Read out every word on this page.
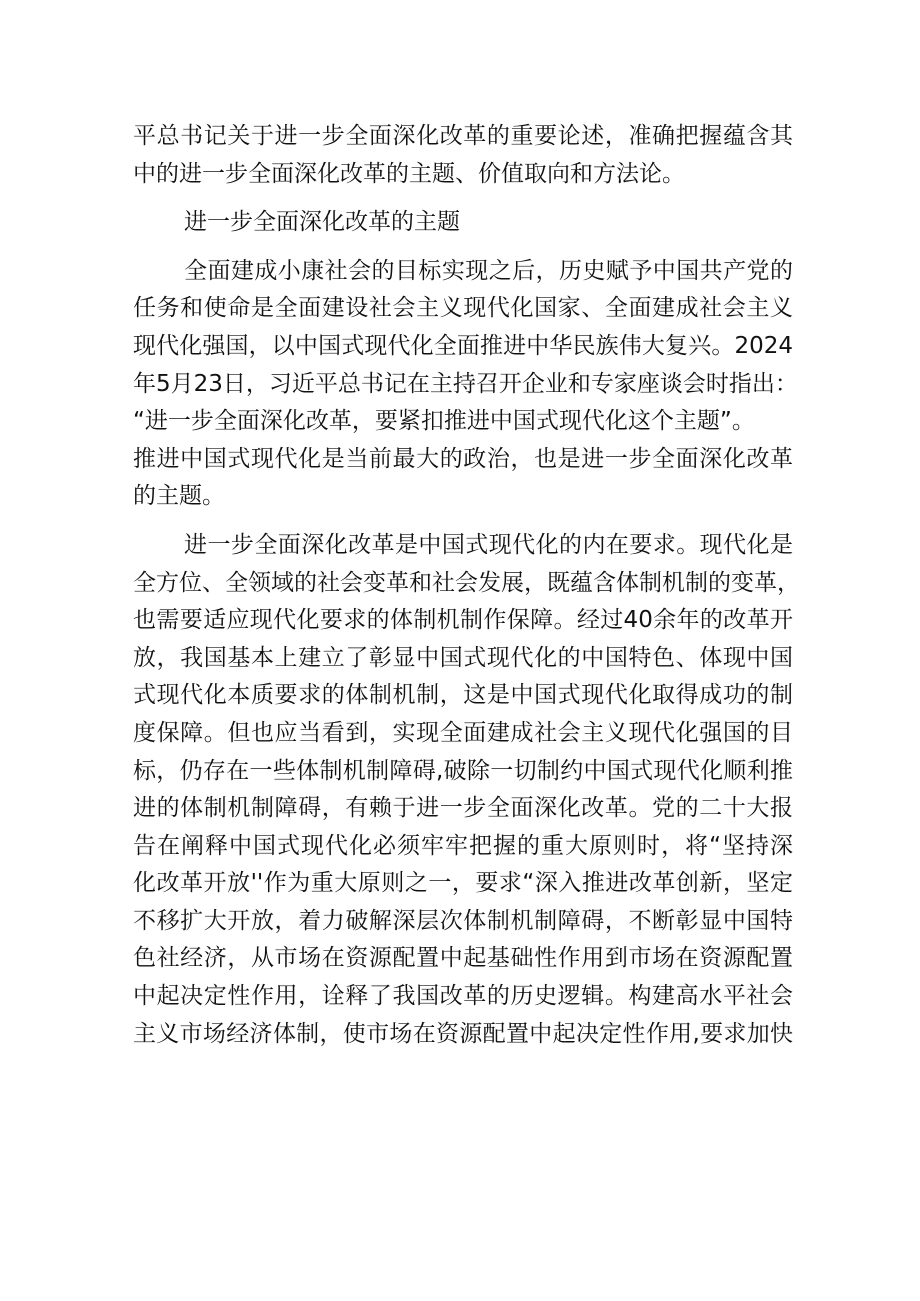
平总书记关于进一步全面深化改革的重要论述，准确把握蕴含其
中的进一步全面深化改革的主题、价值取向和方法论。
进一步全面深化改革的主题
全面建成小康社会的目标实现之后，历史赋予中国共产党的
任务和使命是全面建设社会主义现代化国家、全面建成社会主义
现代化强国，以中国式现代化全面推进中华民族伟大复兴。2024
年5月23日，习近平总书记在主持召开企业和专家座谈会时指出：
“进一步全面深化改革，要紧扣推进中国式现代化这个主题”。
推进中国式现代化是当前最大的政治，也是进一步全面深化改革
的主题。
进一步全面深化改革是中国式现代化的内在要求。现代化是
全方位、全领域的社会变革和社会发展，既蕴含体制机制的变革，
也需要适应现代化要求的体制机制作保障。经过40余年的改革开
放，我国基本上建立了彰显中国式现代化的中国特色、体现中国
式现代化本质要求的体制机制，这是中国式现代化取得成功的制
度保障。但也应当看到，实现全面建成社会主义现代化强国的目
标，仍存在一些体制机制障碍,破除一切制约中国式现代化顺利推
进的体制机制障碍，有赖于进一步全面深化改革。党的二十大报
告在阐释中国式现代化必须牢牢把握的重大原则时，将“坚持深
化改革开放''作为重大原则之一，要求“深入推进改革创新，坚定
不移扩大开放，着力破解深层次体制机制障碍，不断彰显中国特
色社经济，从市场在资源配置中起基础性作用到市场在资源配置
中起决定性作用，诠释了我国改革的历史逻辑。构建高水平社会
主义市场经济体制，使市场在资源配置中起决定性作用,要求加快
